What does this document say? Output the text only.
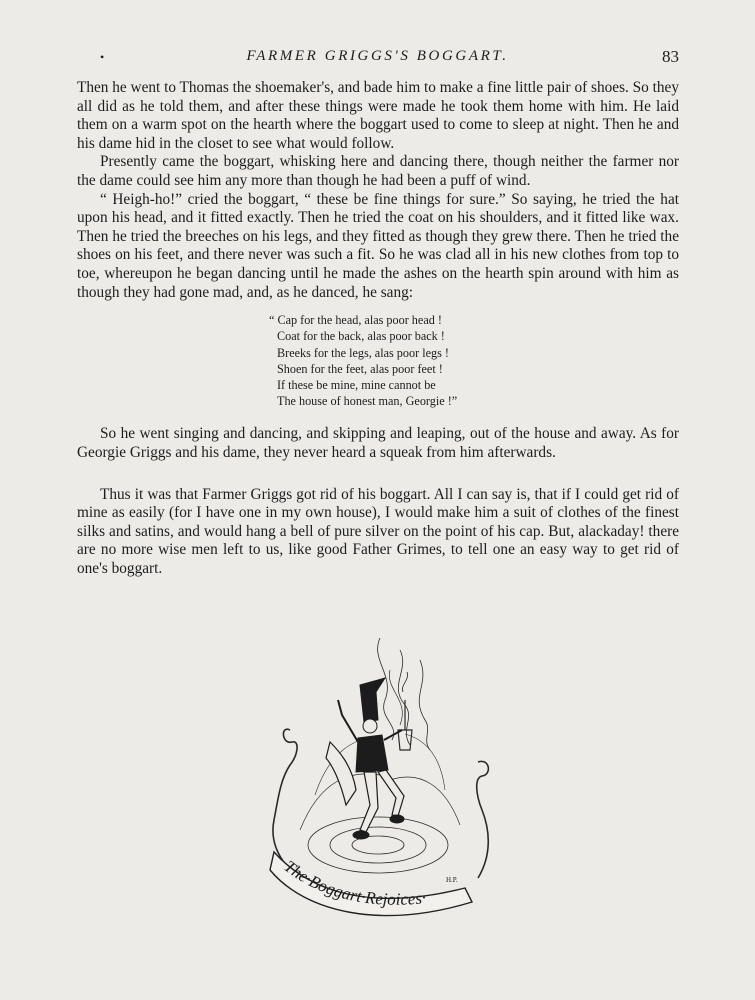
•	FARMER GRIGGS'S BOGGART.	83

Then he went to Thomas the shoemaker's, and bade him to make a fine little pair of shoes. So they all did as he told them, and after these things were made he took them home with him. He laid them on a warm spot on the hearth where the boggart used to come to sleep at night. Then he and his dame hid in the closet to see what would follow.

Presently came the boggart, whisking here and dancing there, though neither the farmer nor the dame could see him any more than though he had been a puff of wind.

“ Heigh-ho!” cried the boggart, “ these be fine things for sure.” So saying, he tried the hat upon his head, and it fitted exactly. Then he tried the coat on his shoulders, and it fitted like wax. Then he tried the breeches on his legs, and they fitted as though they grew there. Then he tried the shoes on his feet, and there never was such a fit. So he was clad all in his new clothes from top to toe, whereupon he began dancing until he made the ashes on the hearth spin around with him as though they had gone mad, and, as he danced, he sang:

“ Cap for the head, alas poor head !
Coat for the back, alas poor back !
Breeks for the legs, alas poor legs !
Shoen for the feet, alas poor feet !
If these be mine, mine cannot be
The house of honest man, Georgie !”

So he went singing and dancing, and skipping and leaping, out of the house and away. As for Georgie Griggs and his dame, they never heard a squeak from him afterwards.

Thus it was that Farmer Griggs got rid of his boggart. All I can say is, that if I could get rid of mine as easily (for I have one in my own house), I would make him a suit of clothes of the finest silks and satins, and would hang a bell of pure silver on the point of his cap. But, alackaday! there are no more wise men left to us, like good Father Grimes, to tell one an easy way to get rid of one's boggart.

The·Boggart·Rejoices·
H.P.
